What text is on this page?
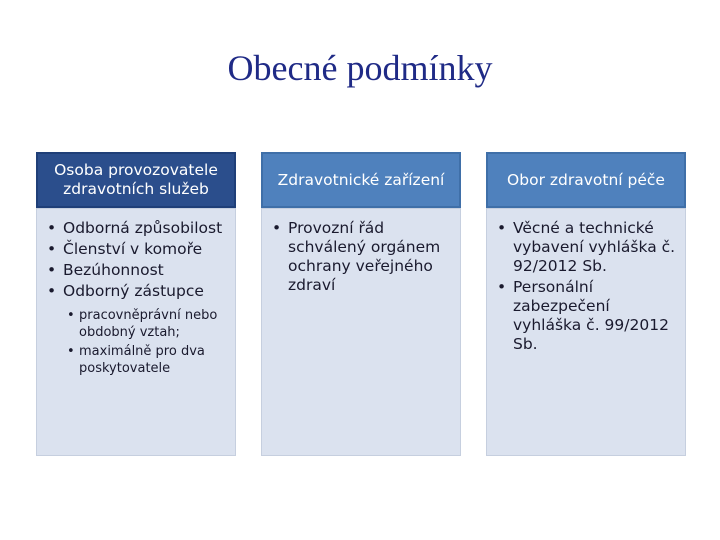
Obecné podmínky
Osoba provozovatele zdravotních služeb
• Odborná způsobilost
• Členství v komoře
• Bezúhonnost
• Odborný zástupce
• pracovněprávní nebo obdobný vztah;
• maximálně pro dva poskytovatele
Zdravotnické zařízení
• Provozní řád schválený orgánem ochrany veřejného zdraví
Obor zdravotní péče
• Věcné a technické vybavení vyhláška č. 92/2012 Sb.
• Personální zabezpečení vyhláška č. 99/2012 Sb.
